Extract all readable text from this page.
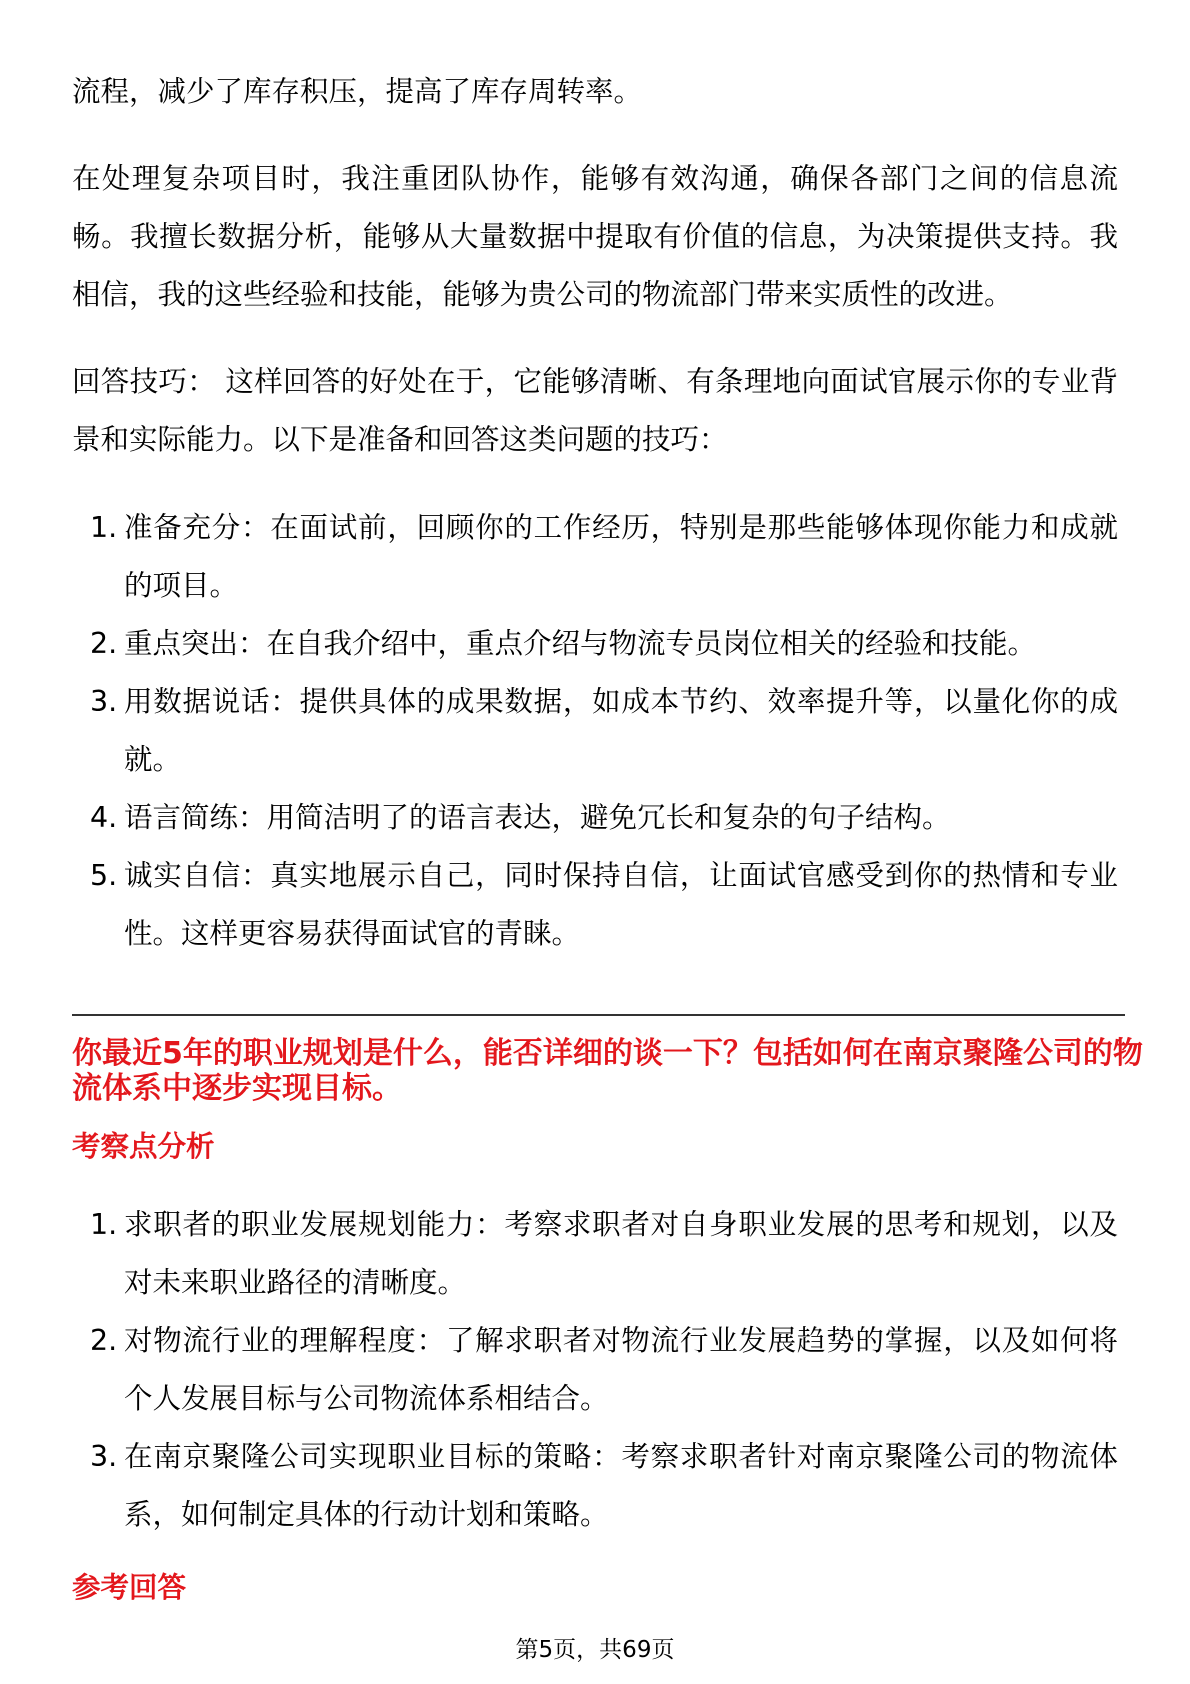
流程，减少了库存积压，提高了库存周转率。
在处理复杂项目时，我注重团队协作，能够有效沟通，确保各部门之间的信息流
畅。我擅长数据分析，能够从大量数据中提取有价值的信息，为决策提供支持。我
相信，我的这些经验和技能，能够为贵公司的物流部门带来实质性的改进。
回答技巧： 这样回答的好处在于，它能够清晰、有条理地向面试官展示你的专业背
景和实际能力。以下是准备和回答这类问题的技巧：
1. 准备充分：在面试前，回顾你的工作经历，特别是那些能够体现你能力和成就
的项目。
2. 重点突出：在自我介绍中，重点介绍与物流专员岗位相关的经验和技能。
3. 用数据说话：提供具体的成果数据，如成本节约、效率提升等，以量化你的成
就。
4. 语言简练：用简洁明了的语言表达，避免冗长和复杂的句子结构。
5. 诚实自信：真实地展示自己，同时保持自信，让面试官感受到你的热情和专业
性。这样更容易获得面试官的青睐。
你最近5年的职业规划是什么，能否详细的谈一下？包括如何在南京聚隆公司的物
流体系中逐步实现目标。
考察点分析
1. 求职者的职业发展规划能力：考察求职者对自身职业发展的思考和规划，以及
对未来职业路径的清晰度。
2. 对物流行业的理解程度：了解求职者对物流行业发展趋势的掌握，以及如何将
个人发展目标与公司物流体系相结合。
3. 在南京聚隆公司实现职业目标的策略：考察求职者针对南京聚隆公司的物流体
系，如何制定具体的行动计划和策略。
参考回答
第5页，共69页
